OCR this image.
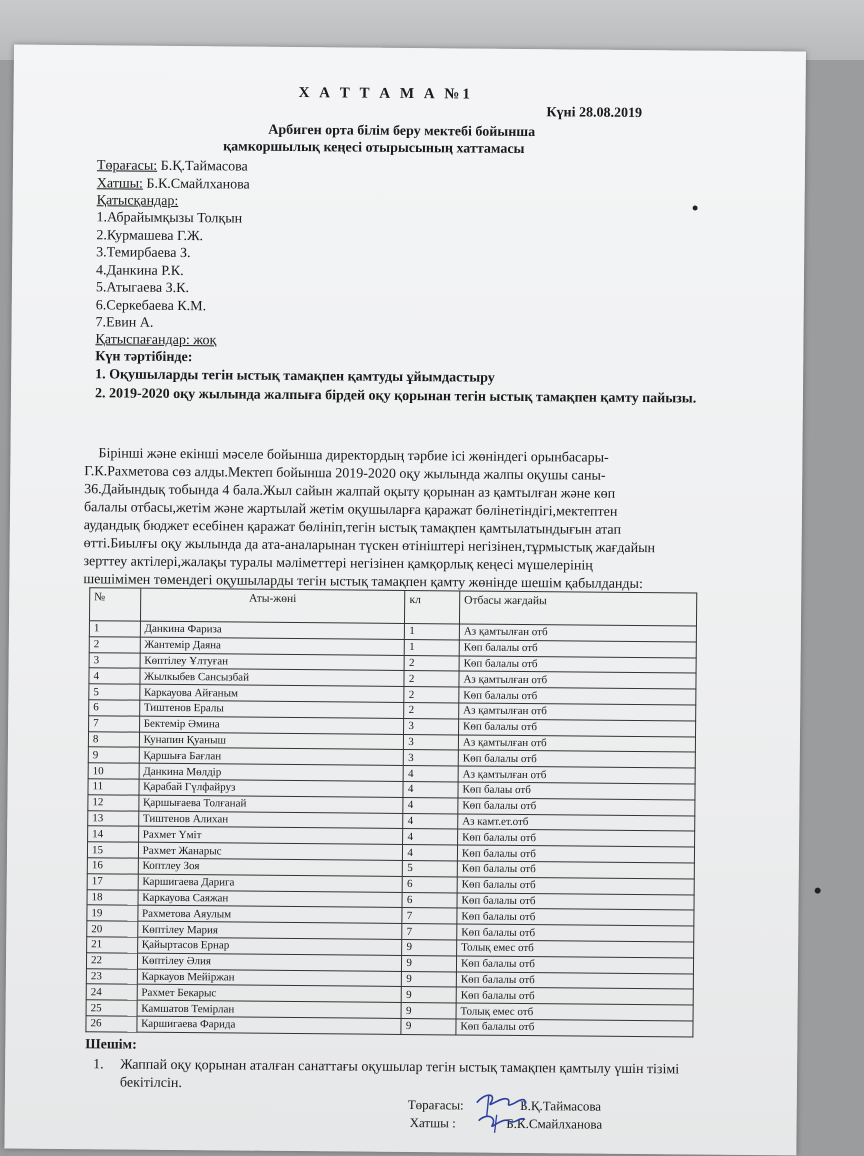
Х А Т Т А М А №1
Күні 28.08.2019
Арбиген орта білім беру мектебі бойынша
қамкоршылық кеңесі отырысының хаттамасы
Төрағасы: Б.Қ.Таймасова
Хатшы: Б.К.Смайлханова
Қатысқандар:
1.Абрайымқызы Толқын
2.Курмашева Г.Ж.
3.Темирбаева З.
4.Данкина Р.К.
5.Атыгаева З.К.
6.Серкебаева К.М.
7.Евин А.
Қатыспағандар: жоқ
Күн тәртібінде:
1. Оқушыларды тегін ыстық тамақпен қамтуды ұйымдастыру
2. 2019-2020 оқу жылында жалпыға бірдей оқу қорынан тегін ыстық тамақпен қамту пайызы.
Бірінші және екінші мәселе бойынша директордың тәрбие ісі жөніндегі орынбасары-
Г.К.Рахметова сөз алды.Мектеп бойынша 2019-2020 оқу жылында жалпы оқушы саны-
36.Дайындық тобында 4 бала.Жыл сайын жалпай оқыту қорынан аз қамтылған және көп
балалы отбасы,жетім және жартылай жетім оқушыларға қаражат бөлінетіндігі,мектептен
аудандық бюджет есебінен қаражат бөлініп,тегін ыстық тамақпен қамтылатындығын атап
өтті.Биылғы оқу жылында да ата-аналарынан түскен өтініштері негізінен,тұрмыстық жағдайын
зерттеу актілері,жалақы туралы мәліметтері негізінен қамқорлық кеңесі мүшелерінің
шешімімен төмендегі оқушыларды тегін ыстық тамақпен қамту жөнінде шешім қабылданды:
№	Аты-жөні	кл	Отбасы жағдайы
1	Данкина Фариза	1	Аз қамтылған отб
2	Жантемір Даяна	1	Көп балалы отб
3	Көптілеу Ұлтуған	2	Көп балалы отб
4	Жылкыбев Сансызбай	2	Аз қамтылған отб
5	Каркауова Айғаным	2	Көп балалы отб
6	Тиштенов Ералы	2	Аз қамтылған отб
7	Бектемір Әмина	3	Көп балалы отб
8	Кунапин Қуаныш	3	Аз қамтылған отб
9	Қаршыға Бағлан	3	Көп балалы отб
10	Данкина Мөлдір	4	Аз қамтылған отб
11	Қарабай Гүлфайруз	4	Көп балаы отб
12	Қаршығаева Толғанай	4	Көп балалы отб
13	Тиштенов Алихан	4	Аз камт.ет.отб
14	Рахмет Үміт	4	Көп балалы отб
15	Рахмет Жанарыс	4	Көп балалы отб
16	Коптлеу Зоя	5	Көп балалы отб
17	Каршигаева Дарига	6	Көп балалы отб
18	Каркауова Саяжан	6	Көп балалы отб
19	Рахметова Аяулым	7	Көп балалы отб
20	Көптілеу Мария	7	Көп балалы отб
21	Қайыртасов Ернар	9	Толық емес отб
22	Көптілеу Әлия	9	Көп балалы отб
23	Каркауов Мейіржан	9	Көп балалы отб
24	Рахмет Бекарыс	9	Көп балалы отб
25	Камшатов Темірлан	9	Толық емес отб
26	Каршигаева Фарида	9	Көп балалы отб
Шешім:
1. Жаппай оқу қорынан аталған санаттағы оқушылар тегін ыстық тамақпен қамтылу үшін тізімі бекітілсін.
Төрағасы:	Б.Қ.Таймасова
Хатшы :	Б.К.Смайлханова
